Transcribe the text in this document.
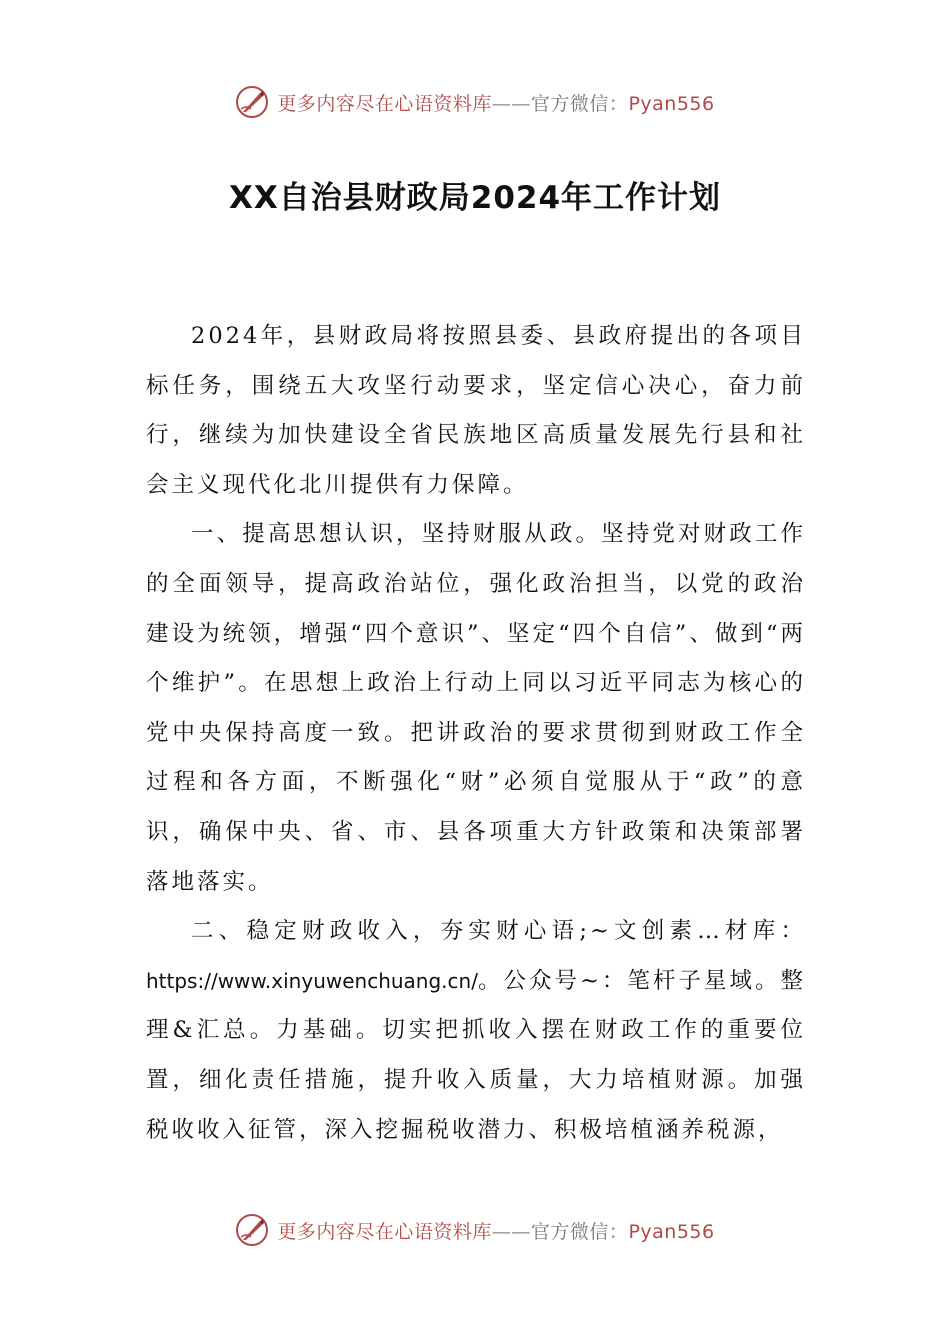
更多内容尽在心语资料库——官方微信：Pyan556
XX自治县财政局2024年工作计划

2024年，县财政局将按照县委、县政府提出的各项目标任务，围绕五大攻坚行动要求，坚定信心决心，奋力前行，继续为加快建设全省民族地区高质量发展先行县和社会主义现代化北川提供有力保障。

一、提高思想认识，坚持财服从政。坚持党对财政工作的全面领导，提高政治站位，强化政治担当，以党的政治建设为统领，增强“四个意识”、坚定“四个自信”、做到“两个维护”。在思想上政治上行动上同以习近平同志为核心的党中央保持高度一致。把讲政治的要求贯彻到财政工作全过程和各方面，不断强化“财”必须自觉服从于“政”的意识，确保中央、省、市、县各项重大方针政策和决策部署落地落实。

二、稳定财政收入，夯实财心语;~文创素…材库：https://www.xinyuwenchuang.cn/。公众号~：笔杆子星域。整理&汇总。力基础。切实把抓收入摆在财政工作的重要位置，细化责任措施，提升收入质量，大力培植财源。加强税收收入征管，深入挖掘税收潜力、积极培植涵养税源，

更多内容尽在心语资料库——官方微信：Pyan556
